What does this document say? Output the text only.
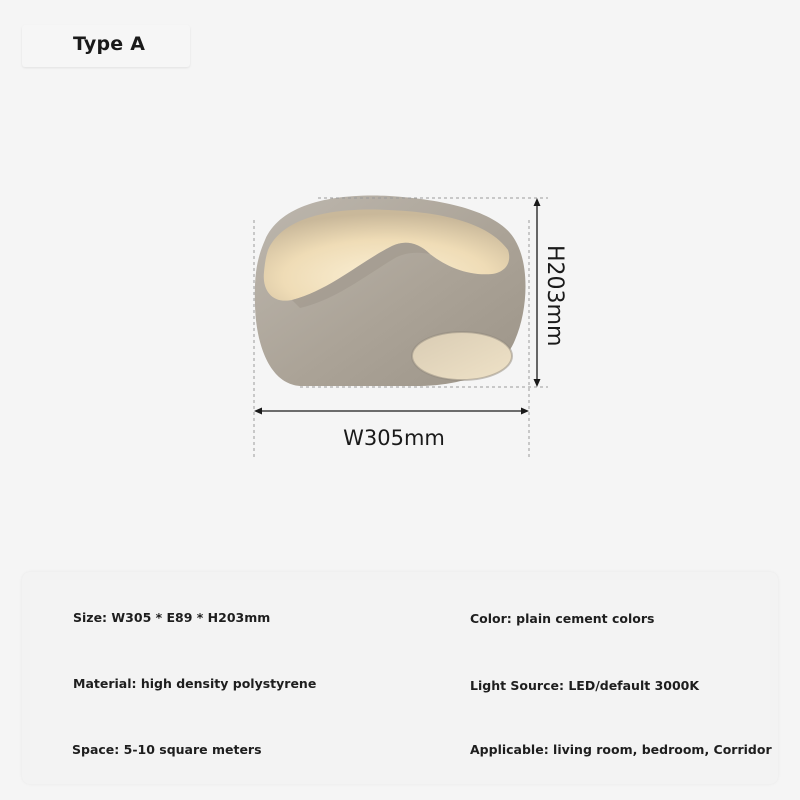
Type A
H203mm
W305mm
Size: W305 * E89 * H203mm	Color: plain cement colors
Material: high density polystyrene	Light Source: LED/default 3000K
Space: 5-10 square meters	Applicable: living room, bedroom, Corridor
